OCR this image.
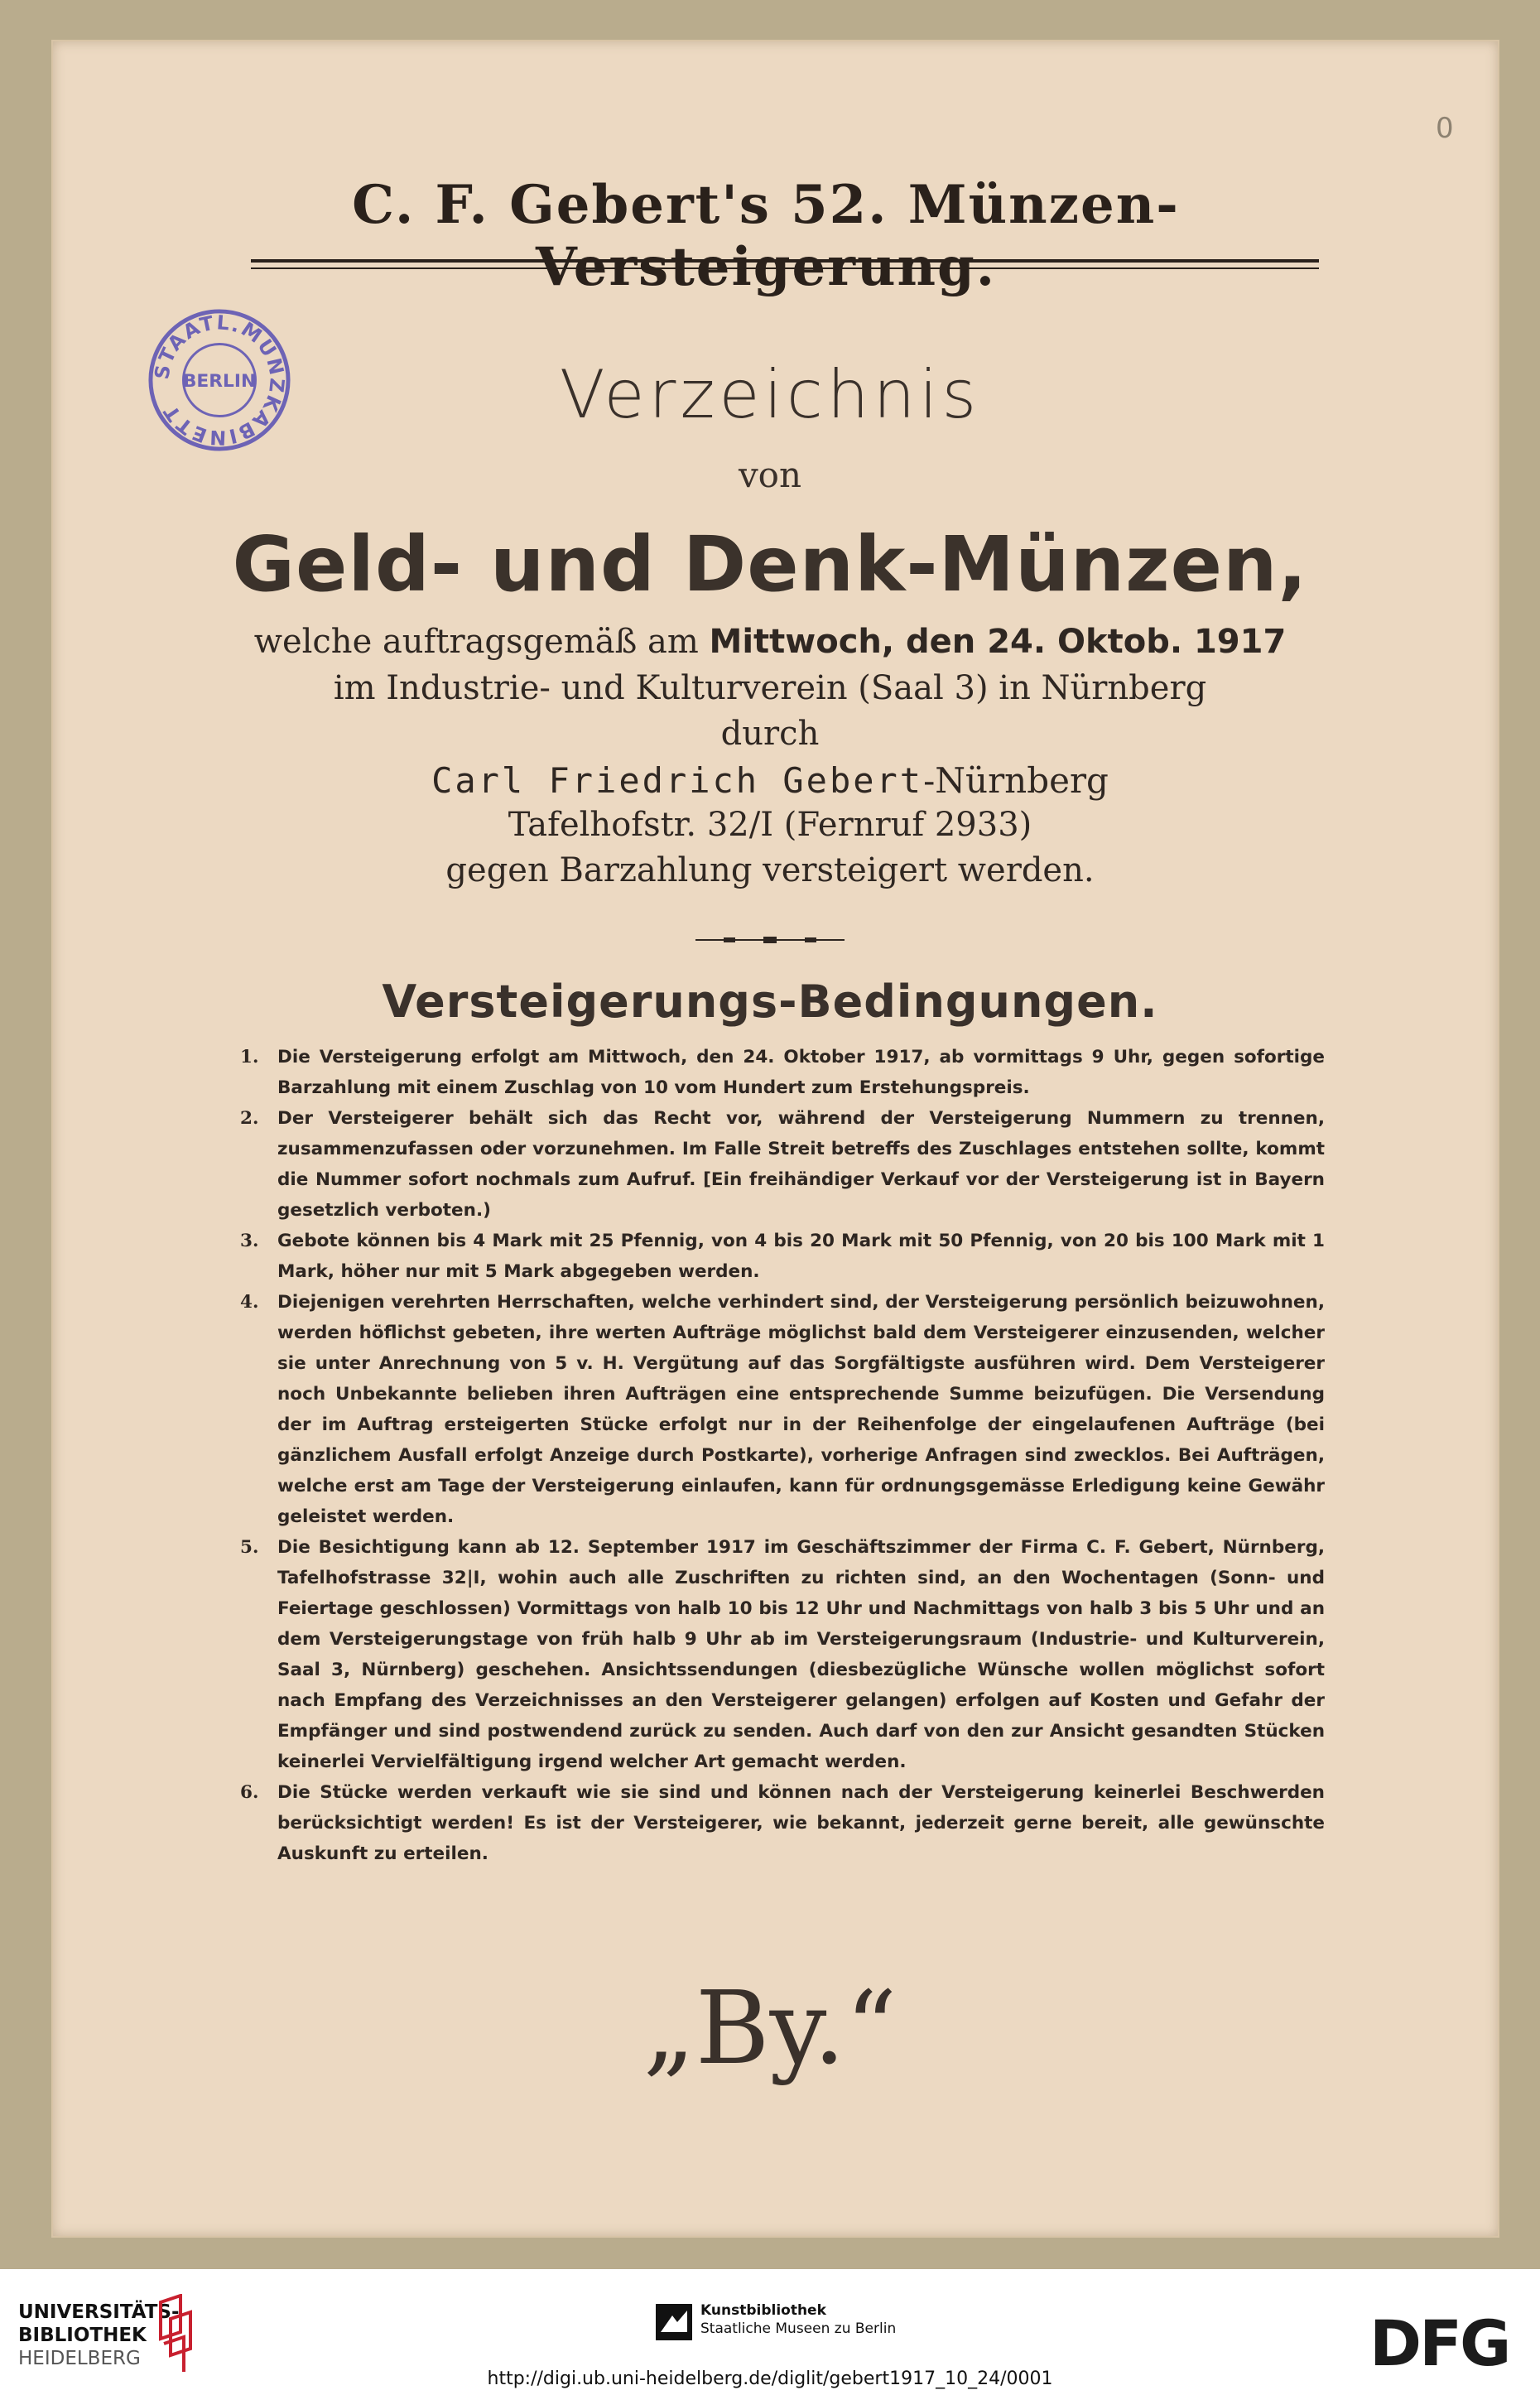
0
C. F. Gebert's 52. Münzen-
STAATL.MÜNZKABINETT
BERLIN	Verzeichnis
von
Geld- und Denk-Münzen,
welche auftragsgemäß am Mittwoch, den 24. Oktob. 1917
im Industrie- und Kulturverein (Saal 3) in Nürnberg
durch
Carl Friedrich Gebert-Nürnberg
Tafelhofstr. 32/I (Fernruf 2933)
gegen Barzahlung versteigert werden.
Versteigerungs-Bedingungen.
1. Die Versteigerung erfolgt am Mittwoch, den 24. Oktober 1917, ab vormittags 9 Uhr, gegen sofortige Barzahlung mit einem Zuschlag von 10 vom Hundert zum Erstehungspreis.
2. Der Versteigerer behält sich das Recht vor, während der Versteigerung Nummern zu trennen, zusammenzufassen oder vorzunehmen. Im Falle Streit betreffs des Zuschlages entstehen sollte, kommt die Nummer sofort nochmals zum Aufruf. [Ein freihändiger Verkauf vor der Versteigerung ist in Bayern gesetzlich verboten.)
3. Gebote können bis 4 Mark mit 25 Pfennig, von 4 bis 20 Mark mit 50 Pfennig, von 20 bis 100 Mark mit 1 Mark, höher nur mit 5 Mark abgegeben werden.
4. Diejenigen verehrten Herrschaften, welche verhindert sind, der Versteigerung persönlich beizuwohnen, werden höflichst gebeten, ihre werten Aufträge möglichst bald dem Versteigerer einzusenden, welcher sie unter Anrechnung von 5 v. H. Vergütung auf das Sorgfältigste ausführen wird. Dem Versteigerer noch Unbekannte belieben ihren Aufträgen eine entsprechende Summe beizufügen. Die Versendung der im Auftrag ersteigerten Stücke erfolgt nur in der Reihenfolge der eingelaufenen Aufträge (bei gänzlichem Ausfall erfolgt Anzeige durch Postkarte), vorherige Anfragen sind zwecklos. Bei Aufträgen, welche erst am Tage der Versteigerung einlaufen, kann für ordnungsgemässe Erledigung keine Gewähr geleistet werden.
5. Die Besichtigung kann ab 12. September 1917 im Geschäftszimmer der Firma C. F. Gebert, Nürnberg, Tafelhofstrasse 32|I, wohin auch alle Zuschriften zu richten sind, an den Wochentagen (Sonn- und Feiertage geschlossen) Vormittags von halb 10 bis 12 Uhr und Nachmittags von halb 3 bis 5 Uhr und an dem Versteigerungstage von früh halb 9 Uhr ab im Versteigerungsraum (Industrie- und Kulturverein, Saal 3, Nürnberg) geschehen. Ansichtssendungen (diesbezügliche Wünsche wollen möglichst sofort nach Empfang des Verzeichnisses an den Versteigerer gelangen) erfolgen auf Kosten und Gefahr der Empfänger und sind postwendend zurück zu senden. Auch darf von den zur Ansicht gesandten Stücken keinerlei Vervielfältigung irgend welcher Art gemacht werden.
6. Die Stücke werden verkauft wie sie sind und können nach der Versteigerung keinerlei Beschwerden berücksichtigt werden! Es ist der Versteigerer, wie bekannt, jederzeit gerne bereit, alle gewünschte Auskunft zu erteilen.
„By.“
UNIVERSITÄTS-
BIBLIOTHEK
HEIDELBERG
Kunstbibliothek
Staatliche Museen zu Berlin	DFG
http://digi.ub.uni-heidelberg.de/diglit/gebert1917_10_24/0001
